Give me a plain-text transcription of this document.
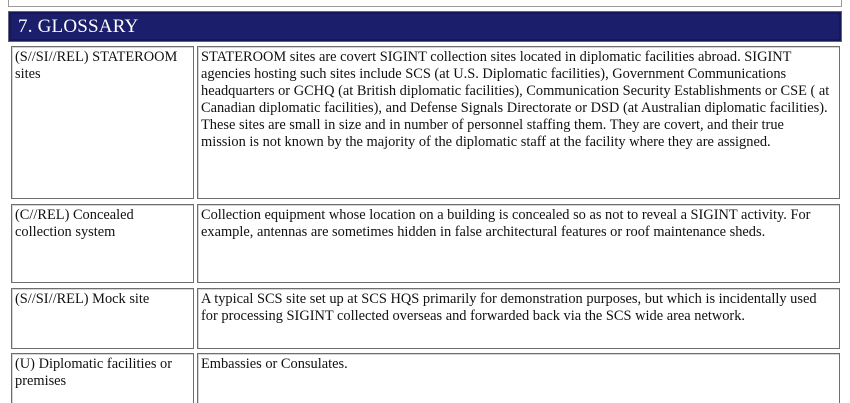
7. GLOSSARY
(S//SI//REL) STATEROOM sites
STATEROOM sites are covert SIGINT collection sites located in diplomatic facilities abroad. SIGINT agencies hosting such sites include SCS (at U.S. Diplomatic facilities), Government Communications headquarters or GCHQ (at British diplomatic facilities), Communication Security Establishments or CSE ( at Canadian diplomatic facilities), and Defense Signals Directorate or DSD (at Australian diplomatic facilities). These sites are small in size and in number of personnel staffing them. They are covert, and their true mission is not known by the majority of the diplomatic staff at the facility where they are assigned.
(C//REL) Concealed collection system
Collection equipment whose location on a building is concealed so as not to reveal a SIGINT activity. For example, antennas are sometimes hidden in false architectural features or roof maintenance sheds.
(S//SI//REL) Mock site	A typical SCS site set up at SCS HQS primarily for demonstration purposes, but which is incidentally used for processing SIGINT collected overseas and forwarded back via the SCS wide area network.
(U) Diplomatic facilities or premises
Embassies or Consulates.
